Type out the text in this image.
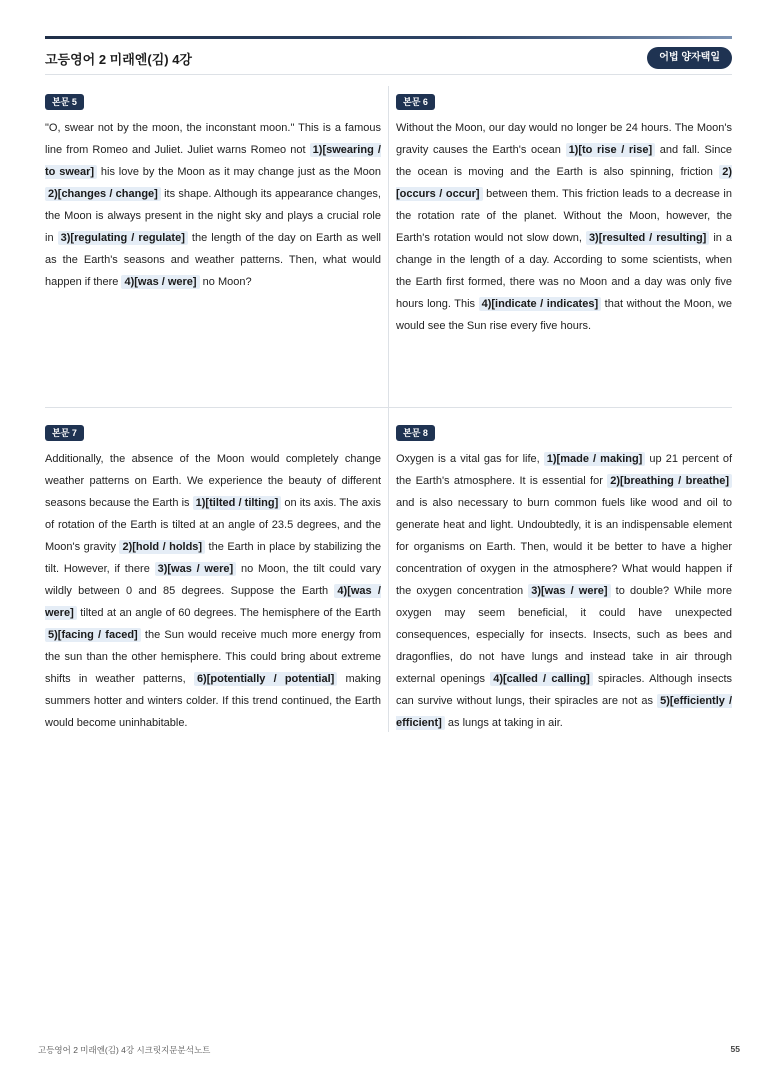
고등영어 2 미래엔(김) 4강	어법 양자택일
본문 5

"O, swear not by the moon, the inconstant moon." This is a famous line from Romeo and Juliet. Juliet warns Romeo not 1)[swearing / to swear] his love by the Moon as it may change just as the Moon 2)[changes / change] its shape. Although its appearance changes, the Moon is always present in the night sky and plays a crucial role in 3)[regulating / regulate] the length of the day on Earth as well as the Earth's seasons and weather patterns. Then, what would happen if there 4)[was / were] no Moon?

본문 6

Without the Moon, our day would no longer be 24 hours. The Moon's gravity causes the Earth's ocean 1)[to rise / rise] and fall. Since the ocean is moving and the Earth is also spinning, friction 2)[occurs / occur] between them. This friction leads to a decrease in the rotation rate of the planet. Without the Moon, however, the Earth's rotation would not slow down, 3)[resulted / resulting] in a change in the length of a day. According to some scientists, when the Earth first formed, there was no Moon and a day was only five hours long. This 4)[indicate / indicates] that without the Moon, we would see the Sun rise every five hours.

본문 7

Additionally, the absence of the Moon would completely change weather patterns on Earth. We experience the beauty of different seasons because the Earth is 1)[tilted / tilting] on its axis. The axis of rotation of the Earth is tilted at an angle of 23.5 degrees, and the Moon's gravity 2)[hold / holds] the Earth in place by stabilizing the tilt. However, if there 3)[was / were] no Moon, the tilt could vary wildly between 0 and 85 degrees. Suppose the Earth 4)[was / were] tilted at an angle of 60 degrees. The hemisphere of the Earth 5)[facing / faced] the Sun would receive much more energy from the sun than the other hemisphere. This could bring about extreme shifts in weather patterns, 6)[potentially / potential] making summers hotter and winters colder. If this trend continued, the Earth would become uninhabitable.

본문 8

Oxygen is a vital gas for life, 1)[made / making] up 21 percent of the Earth's atmosphere. It is essential for 2)[breathing / breathe] and is also necessary to burn common fuels like wood and oil to generate heat and light. Undoubtedly, it is an indispensable element for organisms on Earth. Then, would it be better to have a higher concentration of oxygen in the atmosphere? What would happen if the oxygen concentration 3)[was / were] to double? While more oxygen may seem beneficial, it could have unexpected consequences, especially for insects. Insects, such as bees and dragonflies, do not have lungs and instead take in air through external openings 4)[called / calling] spiracles. Although insects can survive without lungs, their spiracles are not as 5)[efficiently / efficient] as lungs at taking in air.

고등영어 2 미래엔(김) 4강 시크릿지문분석노트	55
